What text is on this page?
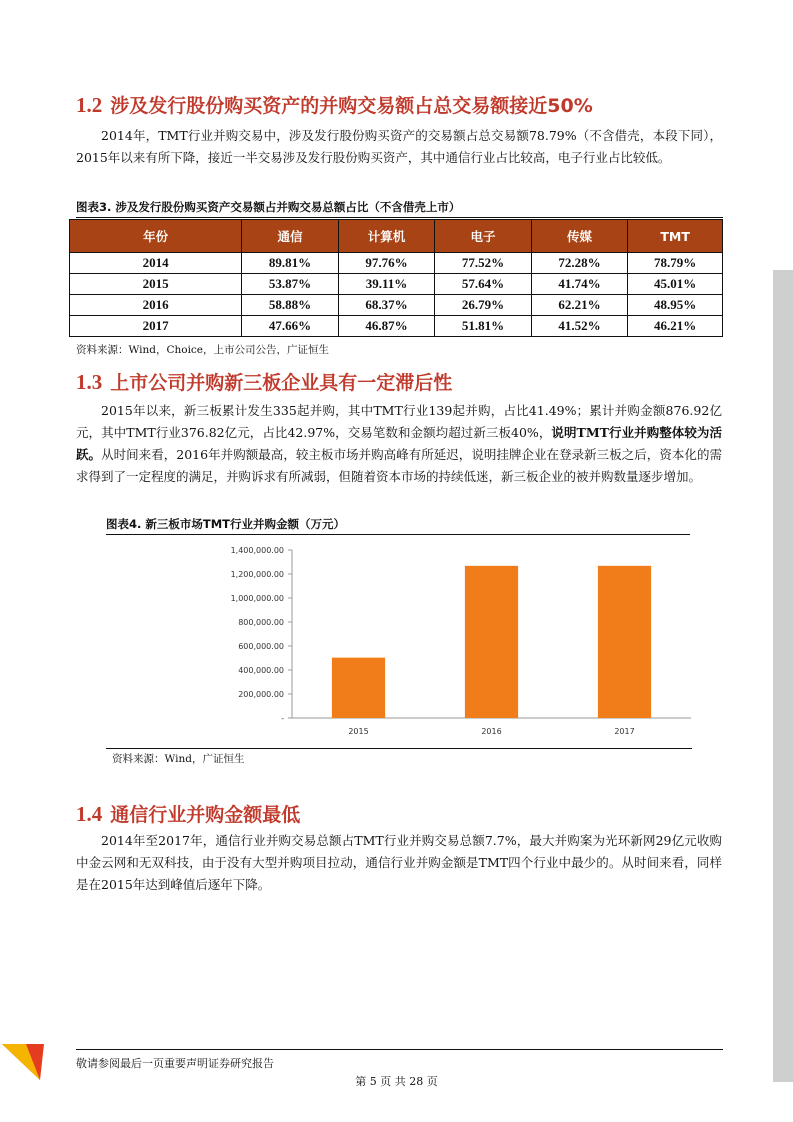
1.2 涉及发行股份购买资产的并购交易额占总交易额接近50%

2014年，TMT行业并购交易中，涉及发行股份购买资产的交易额占总交易额78.79%（不含借壳，本段下同），2015年以来有所下降，接近一半交易涉及发行股份购买资产，其中通信行业占比较高，电子行业占比较低。

图表3. 涉及发行股份购买资产交易额占并购交易总额占比（不含借壳上市）
年份	通信	计算机	电子	传媒	TMT
2014	89.81%	97.76%	77.52%	72.28%	78.79%
2015	53.87%	39.11%	57.64%	41.74%	45.01%
2016	58.88%	68.37%	26.79%	62.21%	48.95%
2017	47.66%	46.87%	51.81%	41.52%	46.21%
资料来源：Wind，Choice，上市公司公告，广证恒生
1.3 上市公司并购新三板企业具有一定滞后性

2015年以来，新三板累计发生335起并购，其中TMT行业139起并购，占比41.49%；累计并购金额876.92亿元，其中TMT行业376.82亿元，占比42.97%，交易笔数和金额均超过新三板40%，说明TMT行业并购整体较为活跃。从时间来看，2016年并购额最高，较主板市场并购高峰有所延迟，说明挂牌企业在登录新三板之后，资本化的需求得到了一定程度的满足，并购诉求有所减弱，但随着资本市场的持续低迷，新三板企业的被并购数量逐步增加。

图表4. 新三板市场TMT行业并购金额（万元）
-
200,000.00
400,000.00
600,000.00
800,000.00
1,000,000.00
1,200,000.00
1,400,000.00
2015	2016	2017
资料来源：Wind，广证恒生
1.4 通信行业并购金额最低

2014年至2017年，通信行业并购交易总额占TMT行业并购交易总额7.7%，最大并购案为光环新网29亿元收购中金云网和无双科技，由于没有大型并购项目拉动，通信行业并购金额是TMT四个行业中最少的。从时间来看，同样是在2015年达到峰值后逐年下降。

敬请参阅最后一页重要声明证券研究报告
第 5 页 共 28 页
